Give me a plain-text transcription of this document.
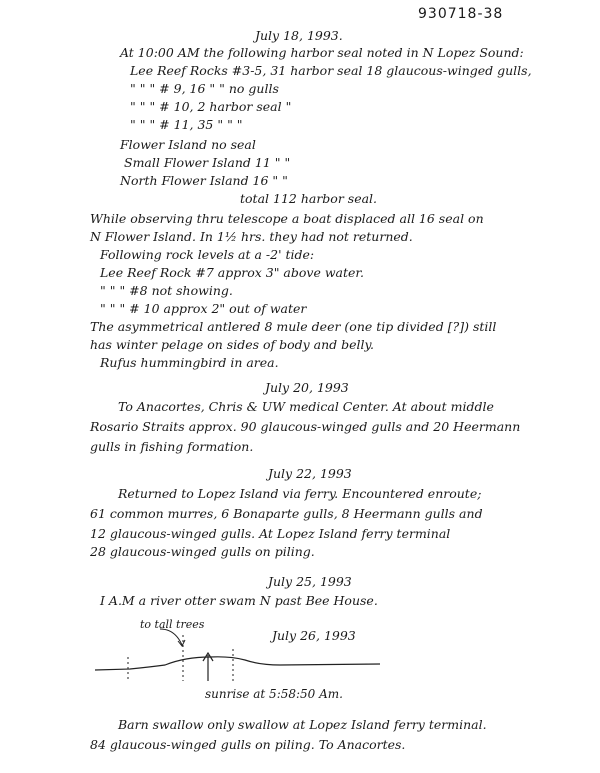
930718-38
July 18, 1993.
At 10:00 AM the following harbor seal noted in N Lopez Sound:
Lee Reef Rocks #3-5, 31 harbor seal 18 glaucous-winged gulls,
" " " # 9, 16 " " no gulls
" " " # 10, 2 harbor seal "
" " " # 11, 35 " " "
Flower Island no seal
Small Flower Island 11 " "
North Flower Island 16 " "
total 112 harbor seal.
While observing thru telescope a boat displaced all 16 seal on
N Flower Island. In 1½ hrs. they had not returned.
Following rock levels at a -2' tide:
Lee Reef Rock #7 approx 3" above water.
" " " #8 not showing.
" " " # 10 approx 2" out of water
The asymmetrical antlered 8 mule deer (one tip divided [?]) still
has winter pelage on sides of body and belly.
Rufus hummingbird in area.
July 20, 1993
To Anacortes, Chris & UW medical Center. At about middle
Rosario Straits approx. 90 glaucous-winged gulls and 20 Heermann
gulls in fishing formation.
July 22, 1993
Returned to Lopez Island via ferry. Encountered enroute;
61 common murres, 6 Bonaparte gulls, 8 Heermann gulls and
12 glaucous-winged gulls. At Lopez Island ferry terminal
28 glaucous-winged gulls on piling.
July 25, 1993
I A.M a river otter swam N past Bee House.
July 26, 1993
to tall trees
sunrise at 5:58:50 Am.
Barn swallow only swallow at Lopez Island ferry terminal.
84 glaucous-winged gulls on piling. To Anacortes.
